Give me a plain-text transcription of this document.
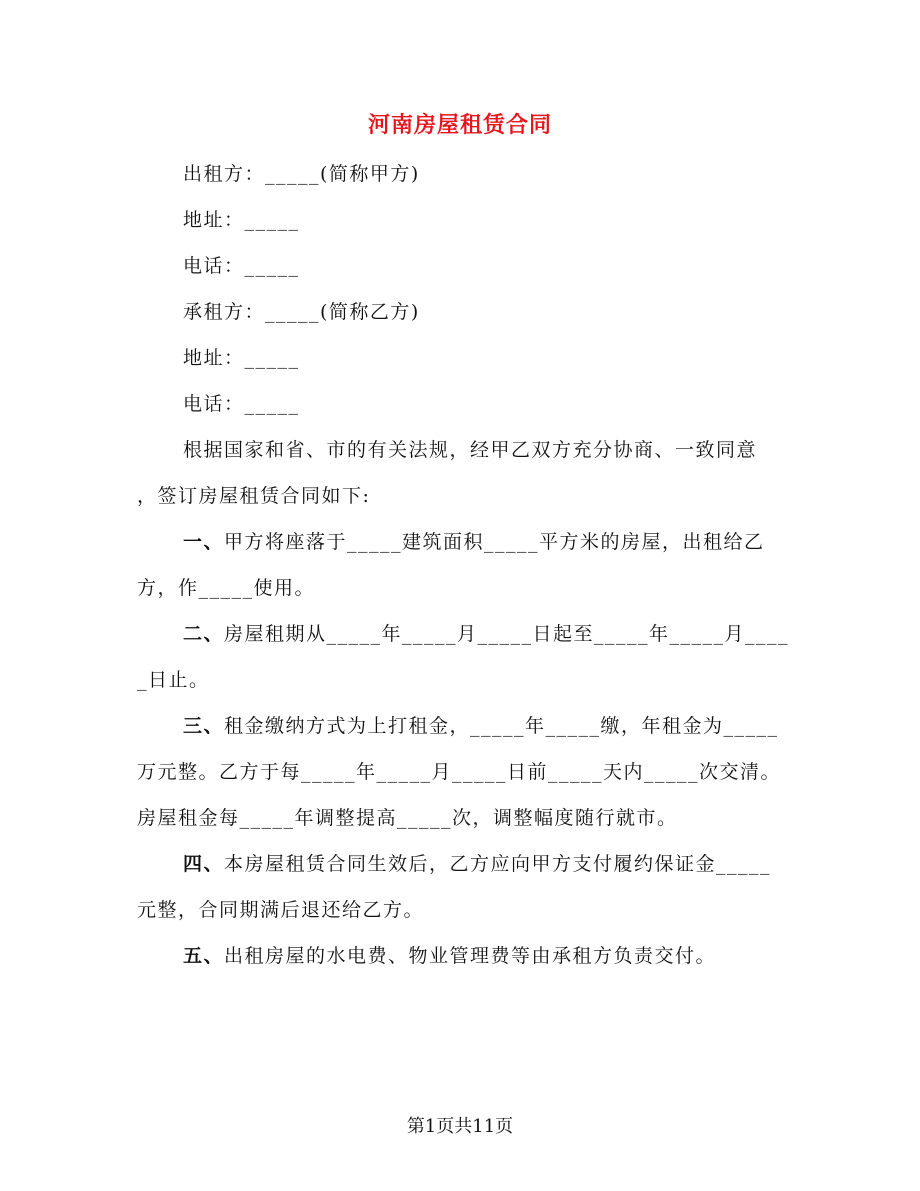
河南房屋租赁合同
出租方：_____(简称甲方)
地址：_____
电话：_____
承租方：_____(简称乙方)
地址：_____
电话：_____
根据国家和省、市的有关法规，经甲乙双方充分协商、一致同意
，签订房屋租赁合同如下:
一、甲方将座落于_____建筑面积_____平方米的房屋，出租给乙
方，作_____使用。
二、房屋租期从_____年_____月_____日起至_____年_____月____
_日止。
三、租金缴纳方式为上打租金，_____年_____缴，年租金为_____
万元整。乙方于每_____年_____月_____日前_____天内_____次交清。
房屋租金每_____年调整提高_____次，调整幅度随行就市。
四、本房屋租赁合同生效后，乙方应向甲方支付履约保证金_____
元整，合同期满后退还给乙方。
五、出租房屋的水电费、物业管理费等由承租方负责交付。
第1页共11页
